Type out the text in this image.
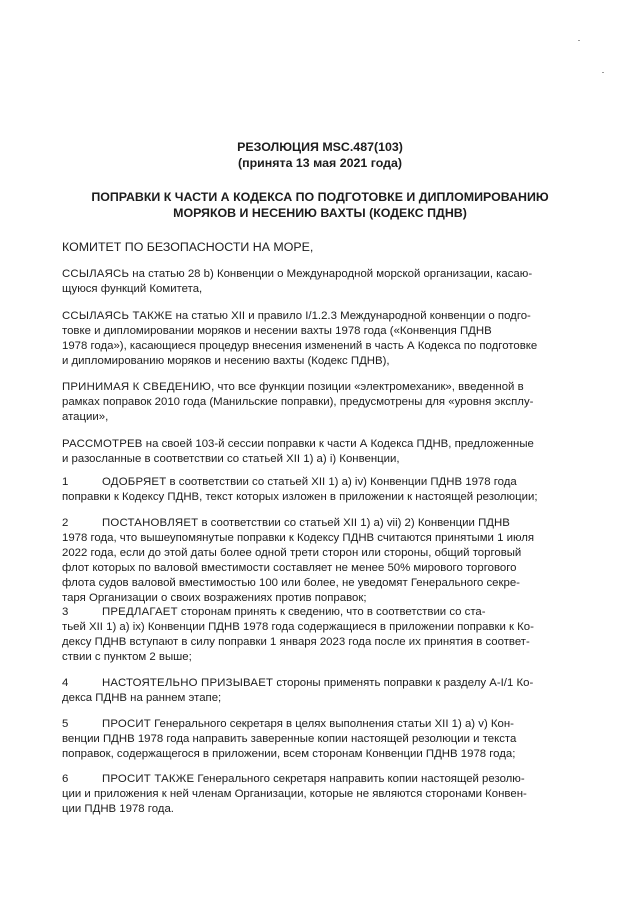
РЕЗОЛЮЦИЯ MSC.487(103)
(принята 13 мая 2021 года)
ПОПРАВКИ К ЧАСТИ А КОДЕКСА ПО ПОДГОТОВКЕ И ДИПЛОМИРОВАНИЮ
МОРЯКОВ И НЕСЕНИЮ ВАХТЫ (КОДЕКС ПДНВ)
КОМИТЕТ ПО БЕЗОПАСНОСТИ НА МОРЕ,

ССЫЛАЯСЬ на статью 28 b) Конвенции о Международной морской организации, касаю-

щуюся функций Комитета,

ССЫЛАЯСЬ ТАКЖЕ на статью XII и правило I/1.2.3 Международной конвенции о подго-

товке и дипломировании моряков и несении вахты 1978 года («Конвенция ПДНВ

1978 года»), касающиеся процедур внесения изменений в часть А Кодекса по подготовке

и дипломированию моряков и несению вахты (Кодекс ПДНВ),

ПРИНИМАЯ К СВЕДЕНИЮ, что все функции позиции «электромеханик», введенной в

рамках поправок 2010 года (Манильские поправки), предусмотрены для «уровня эксплу-

атации»,

РАССМОТРЕВ на своей 103-й сессии поправки к части А Кодекса ПДНВ, предложенные

и разосланные в соответствии со статьей XII 1) а) i) Конвенции,

1	ОДОБРЯЕТ в соответствии со статьей XII 1) а) iv) Конвенции ПДНВ 1978 года

поправки к Кодексу ПДНВ, текст которых изложен в приложении к настоящей резолюции;

2	ПОСТАНОВЛЯЕТ в соответствии со статьей XII 1) а) vii) 2) Конвенции ПДНВ

1978 года, что вышеупомянутые поправки к Кодексу ПДНВ считаются принятыми 1 июля

2022 года, если до этой даты более одной трети сторон или стороны, общий торговый

флот которых по валовой вместимости составляет не менее 50% мирового торгового

флота судов валовой вместимостью 100 или более, не уведомят Генерального секре-

таря Организации о своих возражениях против поправок;

3	ПРЕДЛАГАЕТ сторонам принять к сведению, что в соответствии со ста-

тьей XII 1) а) ix) Конвенции ПДНВ 1978 года содержащиеся в приложении поправки к Ко-

дексу ПДНВ вступают в силу поправки 1 января 2023 года после их принятия в соответ-

ствии с пунктом 2 выше;

4	НАСТОЯТЕЛЬНО ПРИЗЫВАЕТ стороны применять поправки к разделу A-I/1 Ко-

декса ПДНВ на раннем этапе;

5	ПРОСИТ Генерального секретаря в целях выполнения статьи XII 1) а) v) Кон-

венции ПДНВ 1978 года направить заверенные копии настоящей резолюции и текста

поправок, содержащегося в приложении, всем сторонам Конвенции ПДНВ 1978 года;

6	ПРОСИТ ТАКЖЕ Генерального секретаря направить копии настоящей резолю-

ции и приложения к ней членам Организации, которые не являются сторонами Конвен-

ции ПДНВ 1978 года.
